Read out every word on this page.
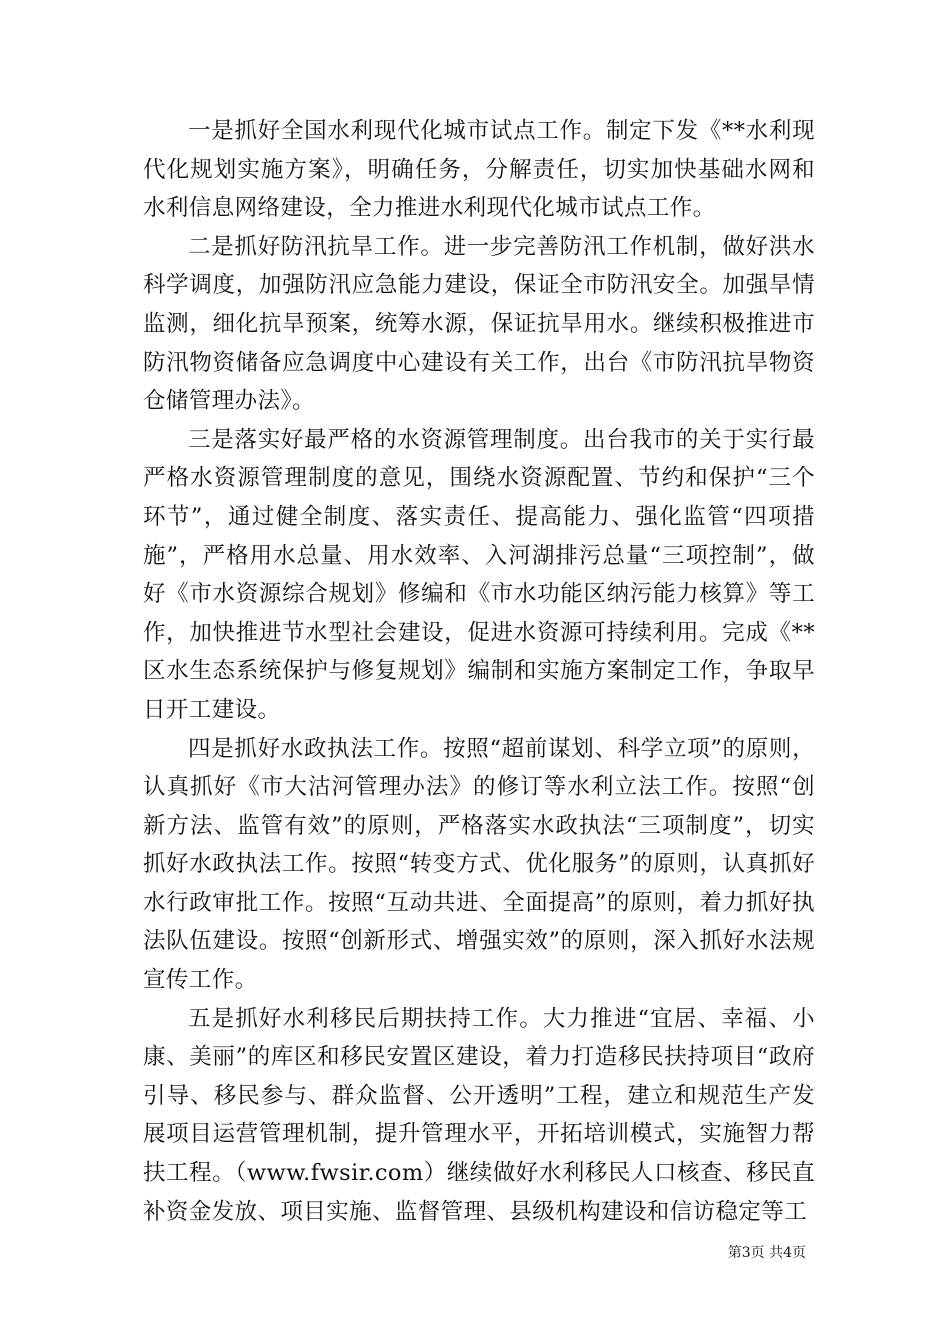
一是抓好全国水利现代化城市试点工作。制定下发《**水利现代化规划实施方案》，明确任务，分解责任，切实加快基础水网和水利信息网络建设，全力推进水利现代化城市试点工作。

二是抓好防汛抗旱工作。进一步完善防汛工作机制，做好洪水科学调度，加强防汛应急能力建设，保证全市防汛安全。加强旱情监测，细化抗旱预案，统筹水源，保证抗旱用水。继续积极推进市防汛物资储备应急调度中心建设有关工作，出台《市防汛抗旱物资仓储管理办法》。

三是落实好最严格的水资源管理制度。出台我市的关于实行最严格水资源管理制度的意见，围绕水资源配置、节约和保护“三个环节”，通过健全制度、落实责任、提高能力、强化监管“四项措施”，严格用水总量、用水效率、入河湖排污总量“三项控制”，做好《市水资源综合规划》修编和《市水功能区纳污能力核算》等工作，加快推进节水型社会建设，促进水资源可持续利用。完成《**区水生态系统保护与修复规划》编制和实施方案制定工作，争取早日开工建设。

四是抓好水政执法工作。按照“超前谋划、科学立项”的原则，认真抓好《市大沽河管理办法》的修订等水利立法工作。按照“创新方法、监管有效”的原则，严格落实水政执法“三项制度”，切实抓好水政执法工作。按照“转变方式、优化服务”的原则，认真抓好水行政审批工作。按照“互动共进、全面提高”的原则，着力抓好执法队伍建设。按照“创新形式、增强实效”的原则，深入抓好水法规宣传工作。

五是抓好水利移民后期扶持工作。大力推进“宜居、幸福、小康、美丽”的库区和移民安置区建设，着力打造移民扶持项目“政府引导、移民参与、群众监督、公开透明”工程，建立和规范生产发展项目运营管理机制，提升管理水平，开拓培训模式，实施智力帮扶工程。（www.fwsir.com）继续做好水利移民人口核查、移民直补资金发放、项目实施、监督管理、县级机构建设和信访稳定等工

第3页 共4页
